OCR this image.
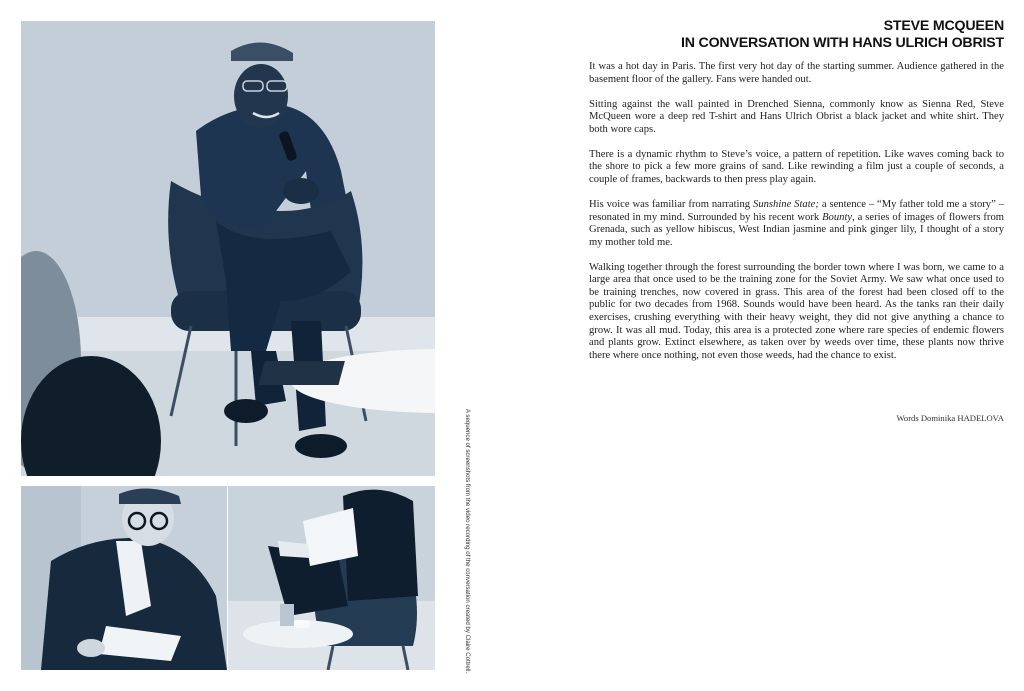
A sequence of screenshots from the video recording of the conversation created by Claire Cottrell.
STEVE MCQUEEN
IN CONVERSATION WITH HANS ULRICH OBRIST

It was a hot day in Paris. The first very hot day of the starting summer. Audience gathered in the basement floor of the gallery. Fans were handed out.

Sitting against the wall painted in Drenched Sienna, commonly know as Sienna Red, Steve McQueen wore a deep red T-shirt and Hans Ulrich Obrist a black jacket and white shirt. They both wore caps.

There is a dynamic rhythm to Steve’s voice, a pattern of repetition. Like waves coming back to the shore to pick a few more grains of sand. Like rewinding a film just a couple of seconds, a couple of frames, backwards to then press play again.

His voice was familiar from narrating Sunshine State; a sentence – “My father told me a story” – resonated in my mind. Surrounded by his recent work Bounty, a series of images of flowers from Grenada, such as yellow hibiscus, West Indian jasmine and pink ginger lily, I thought of a story my mother told me.

Walking together through the forest surrounding the border town where I was born, we came to a large area that once used to be the training zone for the Soviet Army. We saw what once used to be training trenches, now covered in grass. This area of the forest had been closed off to the public for two decades from 1968. Sounds would have been heard. As the tanks ran their daily exercises, crushing everything with their heavy weight, they did not give anything a chance to grow. It was all mud. Today, this area is a protected zone where rare species of endemic flowers and plants grow. Extinct elsewhere, as taken over by weeds over time, these plants now thrive there where once nothing, not even those weeds, had the chance to exist.

Words Dominika HADELOVA
